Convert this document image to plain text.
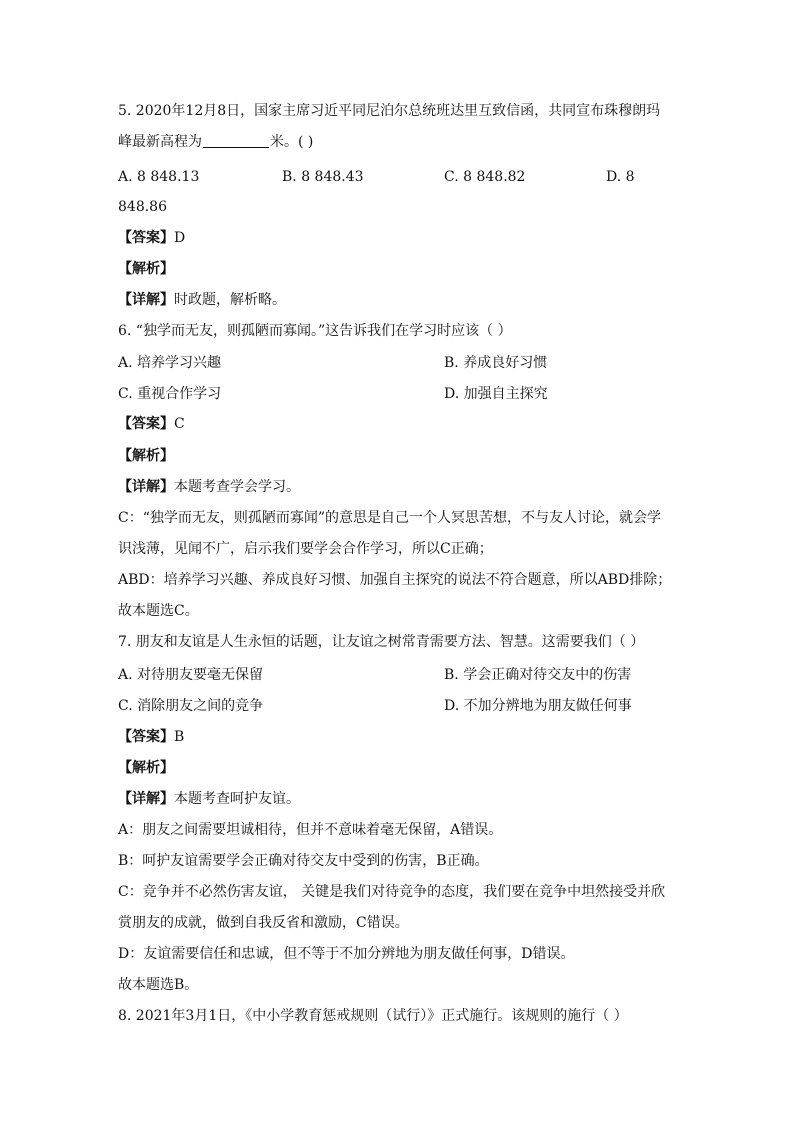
5. 2020年12月8日，国家主席习近平同尼泊尔总统班达里互致信函，共同宣布珠穆朗玛
峰最新高程为	米。( )
A. 8 848.13	B. 8 848.43	C. 8 848.82	D. 8
848.86
【答案】D
【解析】
【详解】时政题，解析略。
6. “独学而无友，则孤陋而寡闻。”这告诉我们在学习时应该（ ）
A. 培养学习兴趣	B. 养成良好习惯
C. 重视合作学习	D. 加强自主探究
【答案】C
【解析】
【详解】本题考查学会学习。
C：“独学而无友，则孤陋而寡闻”的意思是自己一个人冥思苦想，不与友人讨论，就会学
识浅薄，见闻不广，启示我们要学会合作学习，所以C正确；
ABD：培养学习兴趣、养成良好习惯、加强自主探究的说法不符合题意，所以ABD排除；
故本题选C。
7. 朋友和友谊是人生永恒的话题，让友谊之树常青需要方法、智慧。这需要我们（ ）
A. 对待朋友要毫无保留	B. 学会正确对待交友中的伤害
C. 消除朋友之间的竞争	D. 不加分辨地为朋友做任何事
【答案】B
【解析】
【详解】本题考查呵护友谊。
A：朋友之间需要坦诚相待，但并不意味着毫无保留，A错误。
B：呵护友谊需要学会正确对待交友中受到的伤害，B正确。
C：竞争并不必然伤害友谊， 关键是我们对待竞争的态度，我们要在竞争中坦然接受并欣
赏朋友的成就，做到自我反省和激励，C错误。
D：友谊需要信任和忠诚，但不等于不加分辨地为朋友做任何事，D错误。
故本题选B。
8. 2021年3月1日，《中小学教育惩戒规则（试行）》正式施行。该规则的施行（ ）
